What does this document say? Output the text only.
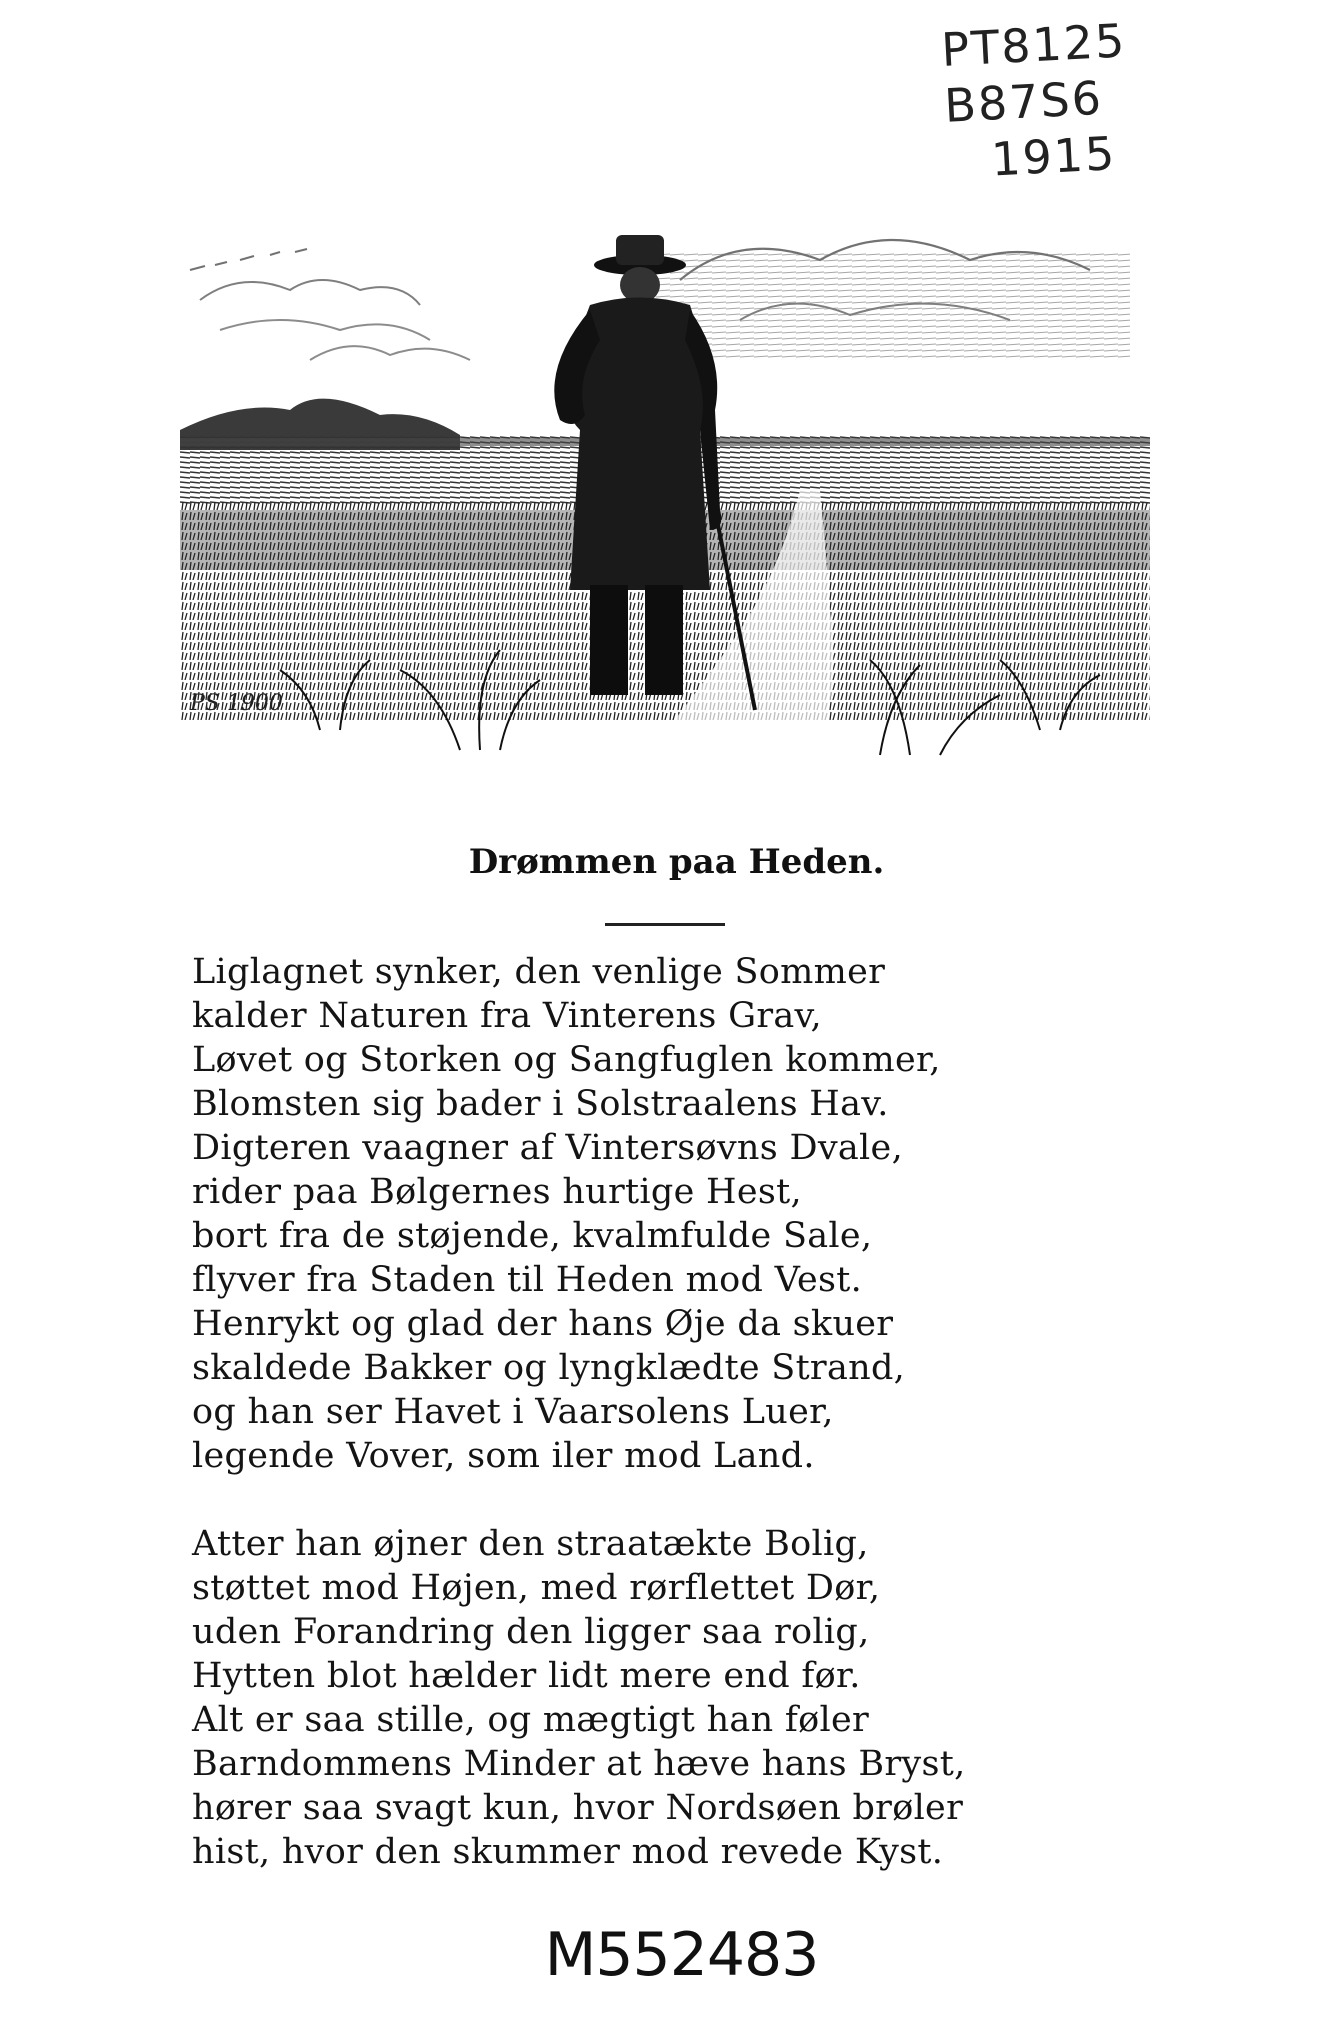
PT8125
B87S6
1915
PS 1900
Drømmen paa Heden.

Liglagnet synker, den venlige Sommer
kalder Naturen fra Vinterens Grav,
Løvet og Storken og Sangfuglen kommer,
Blomsten sig bader i Solstraalens Hav.
Digteren vaagner af Vintersøvns Dvale,
rider paa Bølgernes hurtige Hest,
bort fra de støjende, kvalmfulde Sale,
flyver fra Staden til Heden mod Vest.
Henrykt og glad der hans Øje da skuer
skaldede Bakker og lyngklædte Strand,
og han ser Havet i Vaarsolens Luer,
legende Vover, som iler mod Land.

Atter han øjner den straatækte Bolig,
støttet mod Højen, med rørflettet Dør,
uden Forandring den ligger saa rolig,
Hytten blot hælder lidt mere end før.
Alt er saa stille, og mægtigt han føler
Barndommens Minder at hæve hans Bryst,
hører saa svagt kun, hvor Nordsøen brøler
hist, hvor den skummer mod revede Kyst.

M552483
